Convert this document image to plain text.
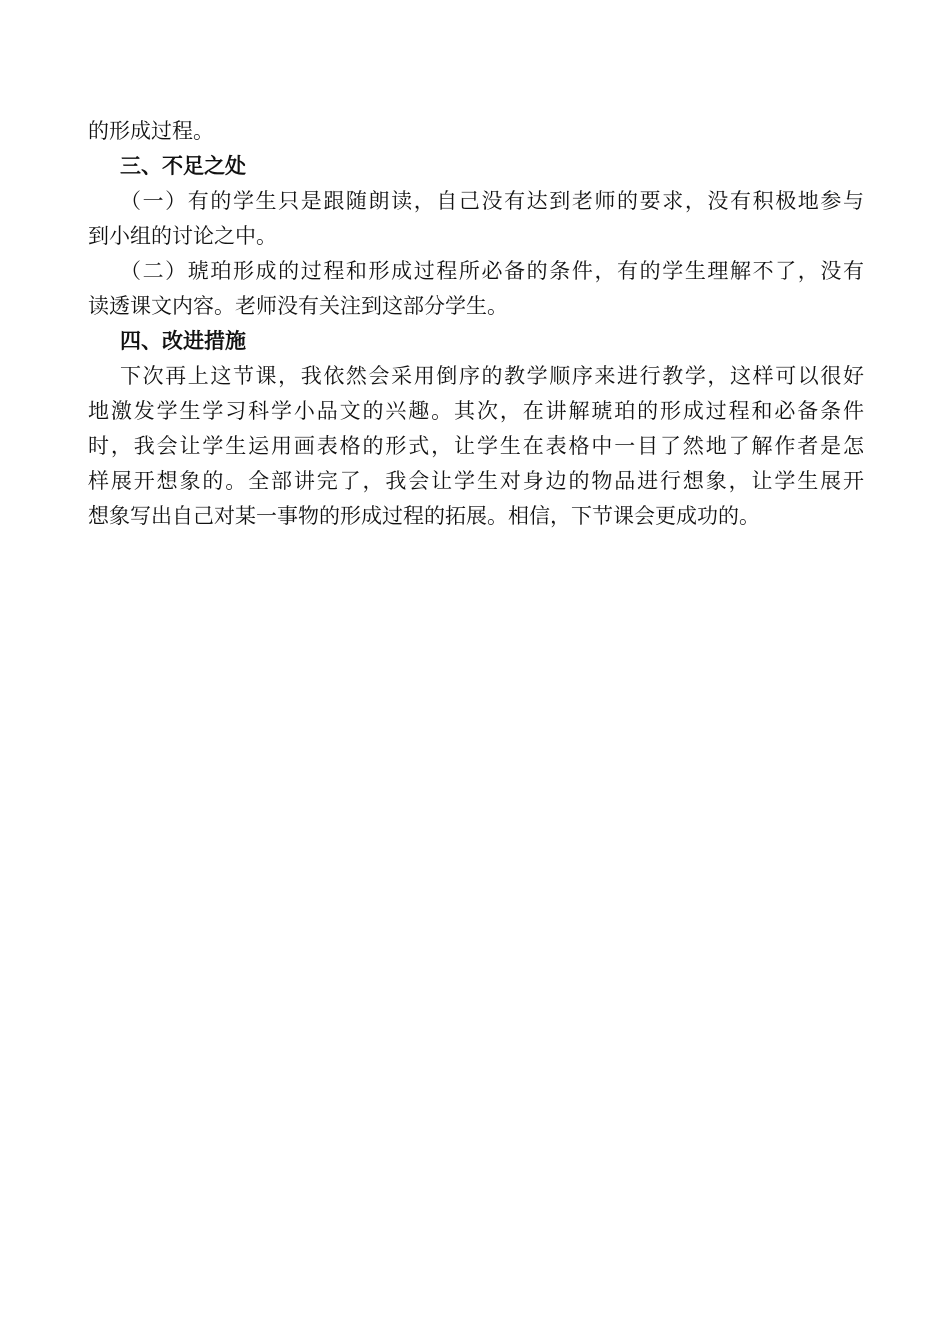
的形成过程。
三、不足之处
（一）有的学生只是跟随朗读，自己没有达到老师的要求，没有积极地参与
到小组的讨论之中。
（二）琥珀形成的过程和形成过程所必备的条件，有的学生理解不了，没有
读透课文内容。老师没有关注到这部分学生。
四、改进措施
下次再上这节课，我依然会采用倒序的教学顺序来进行教学，这样可以很好
地激发学生学习科学小品文的兴趣。其次，在讲解琥珀的形成过程和必备条件
时，我会让学生运用画表格的形式，让学生在表格中一目了然地了解作者是怎
样展开想象的。全部讲完了，我会让学生对身边的物品进行想象，让学生展开
想象写出自己对某一事物的形成过程的拓展。相信，下节课会更成功的。
